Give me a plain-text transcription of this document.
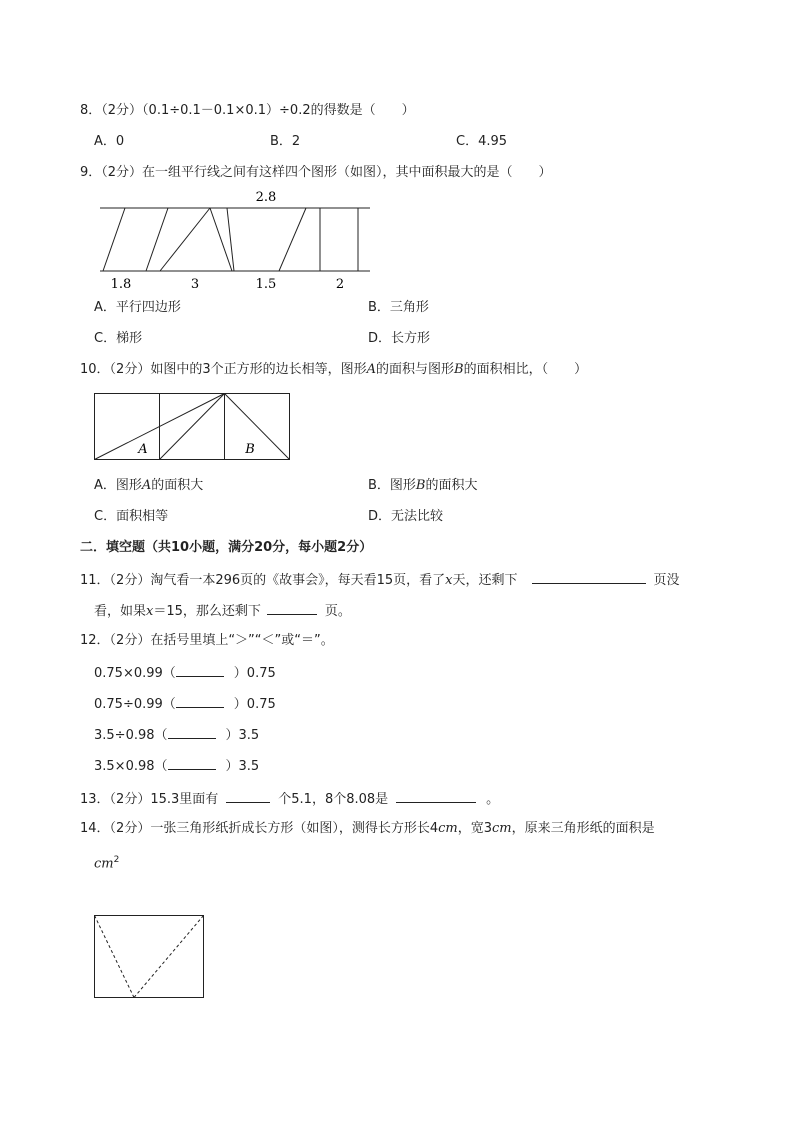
8．（2分）（0.1÷0.1－0.1×0.1）÷0.2的得数是（　　）
A．0	B．2	C．4.95
9．（2分）在一组平行线之间有这样四个图形（如图），其中面积最大的是（　　）
2.8
1.8	3	1.5	2
A．平行四边形	B．三角形
C．梯形	D．长方形
10．（2分）如图中的3个正方形的边长相等，图形A的面积与图形B的面积相比，（　　）
A	B
A．图形A的面积大	B．图形B的面积大
C．面积相等	D．无法比较
二．填空题（共10小题，满分20分，每小题2分）
11．（2分）淘气看一本296页的《故事会》，每天看15页，看了x天，还剩下	页没
看，如果x＝15，那么还剩下	页。
12．（2分）在括号里填上“＞”“＜”或“＝”。
0.75×0.99（	）0.75
0.75÷0.99（	）0.75
3.5÷0.98（	）3.5
3.5×0.98（	）3.5
13．（2分）15.3里面有	个5.1，8个8.08是	。
14．（2分）一张三角形纸折成长方形（如图），测得长方形长4cm，宽3cm，原来三角形纸的面积是
$cm^2$
